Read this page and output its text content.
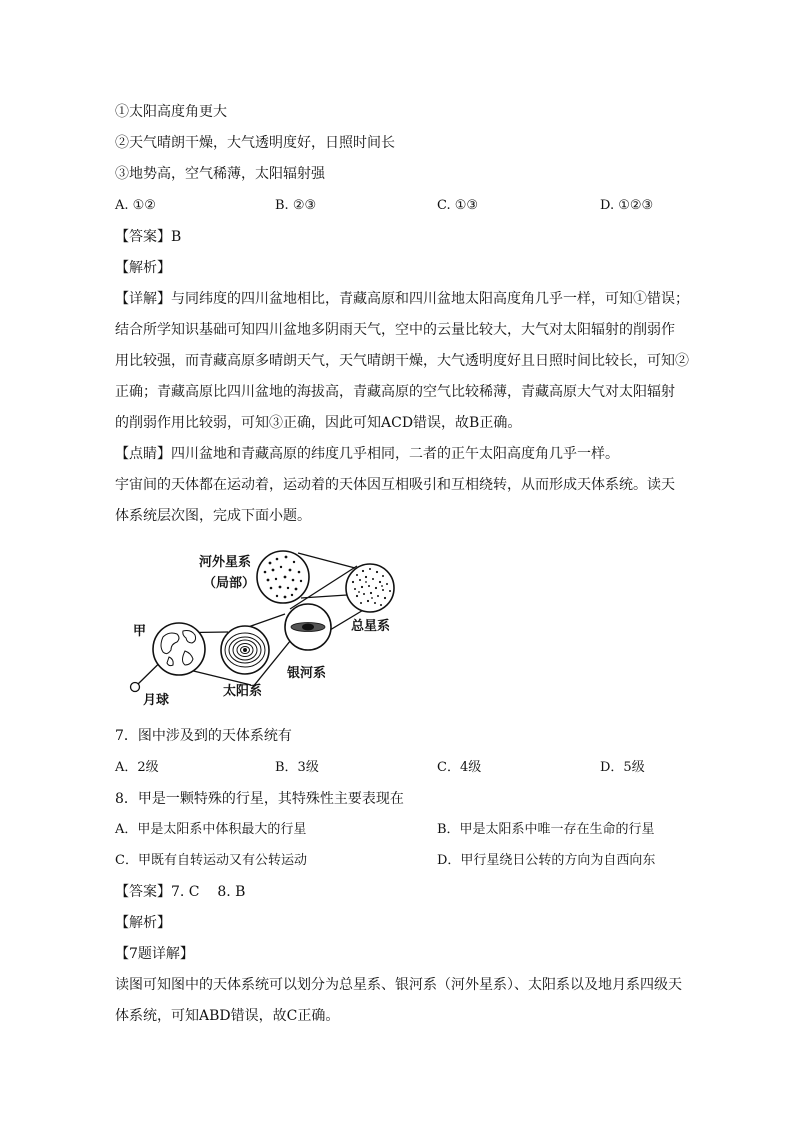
①太阳高度角更大
②天气晴朗干燥，大气透明度好，日照时间长
③地势高，空气稀薄，太阳辐射强
A. ①②	B. ②③	C. ①③	D. ①②③
【答案】B
【解析】
【详解】与同纬度的四川盆地相比，青藏高原和四川盆地太阳高度角几乎一样，可知①错误；
结合所学知识基础可知四川盆地多阴雨天气，空中的云量比较大，大气对太阳辐射的削弱作
用比较强，而青藏高原多晴朗天气，天气晴朗干燥，大气透明度好且日照时间比较长，可知②
正确；青藏高原比四川盆地的海拔高，青藏高原的空气比较稀薄，青藏高原大气对太阳辐射
的削弱作用比较弱，可知③正确，因此可知ACD错误，故B正确。
【点睛】四川盆地和青藏高原的纬度几乎相同，二者的正午太阳高度角几乎一样。
宇宙间的天体都在运动着，运动着的天体因互相吸引和互相绕转，从而形成天体系统。读天
体系统层次图，完成下面小题。
河外星系
（局部）
总星系
甲
银河系
太阳系
月球
7．图中涉及到的天体系统有
A．2级	B．3级	C．4级	D．5级
8．甲是一颗特殊的行星，其特殊性主要表现在
A．甲是太阳系中体积最大的行星	B．甲是太阳系中唯一存在生命的行星
C．甲既有自转运动又有公转运动	D．甲行星绕日公转的方向为自西向东
【答案】7. C    8. B
【解析】
【7题详解】
读图可知图中的天体系统可以划分为总星系、银河系（河外星系）、太阳系以及地月系四级天
体系统，可知ABD错误，故C正确。
